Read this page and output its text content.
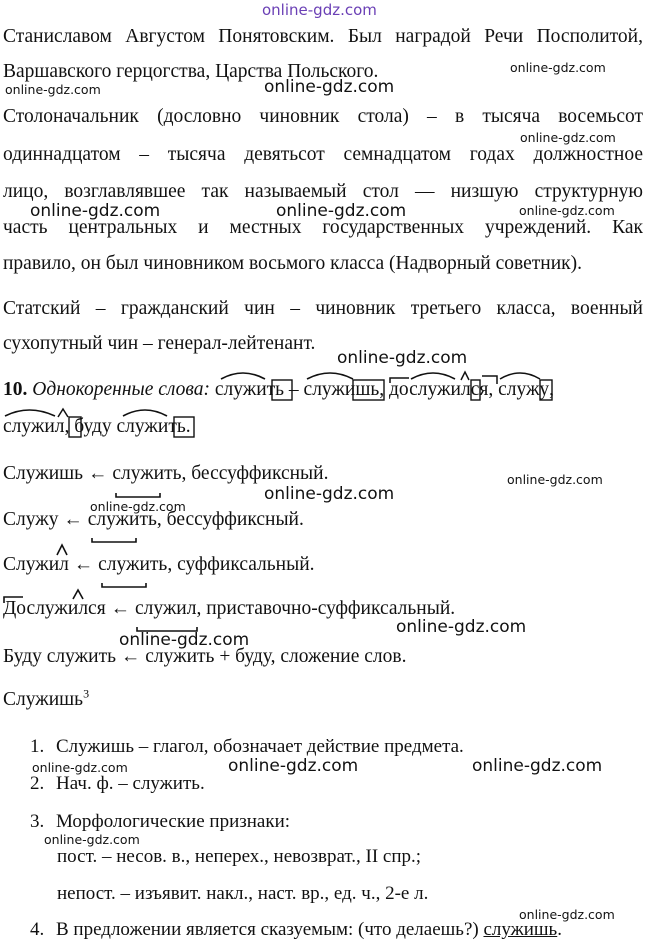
online-gdz.com
Станиславом Августом Понятовским. Был наградой Речи Посполитой,
Варшавского герцогства, Царства Польского.
Столоначальник (дословно чиновник стола) – в тысяча восемьсот
одиннадцатом – тысяча девятьсот семнадцатом годах должностное
лицо, возглавлявшее так называемый стол — низшую структурную
часть центральных и местных государственных учреждений. Как
правило, он был чиновником восьмого класса (Надворный советник).
Статский – гражданский чин – чиновник третьего класса, военный
сухопутный чин – генерал-лейтенант.
10. Однокоренные слова: служить – служишь
, дослужился
, служу
,
служил
, буду служить
.
Служишь ← служить
, бессуффиксный.
Служу ← служить
, бессуффиксный.
Служил ← служить
, суффиксальный.
Дослужился ← служил
, приставочно-суффиксальный.
Буду служить ← служить + буду, сложение слов.
Служишь$^3$
1. Служишь – глагол, обозначает действие предмета.
2. Нач. ф. – служить.
3. Морфологические признаки:
пост. – несов. в., неперех., невозврат., II спр.;
непост. – изъявит. накл., наст. вр., ед. ч., 2-е л.
4. В предложении является сказуемым: (что делаешь?) служишь.
online-gdz.com
online-gdz.com
online-gdz.com
online-gdz.com
online-gdz.com	online-gdz.com	online-gdz.com
online-gdz.com
online-gdz.com
online-gdz.com
online-gdz.com
online-gdz.com
online-gdz.com
online-gdz.com	online-gdz.com
online-gdz.com
online-gdz.com
online-gdz.com
